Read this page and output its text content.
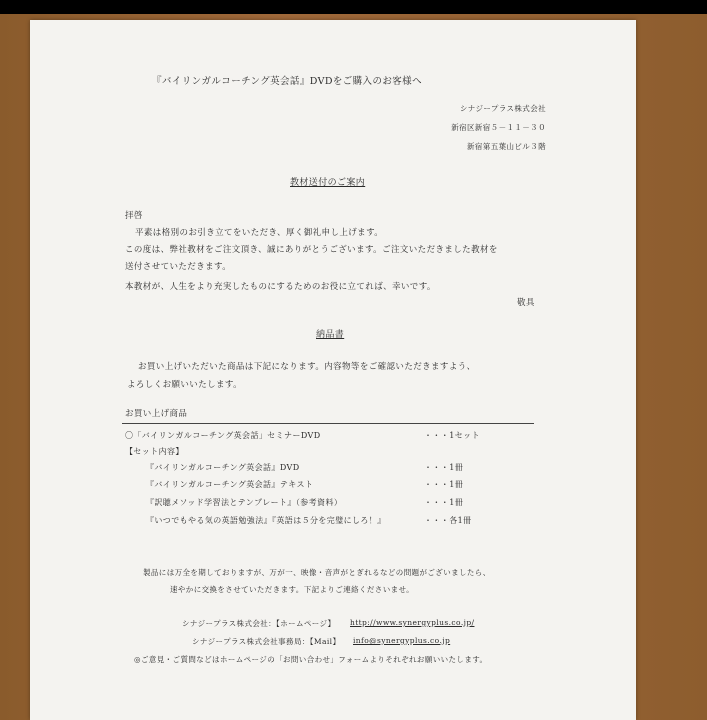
『バイリンガルコーチング英会話』DVDをご購入のお客様へ
シナジープラス株式会社
新宿区新宿５－１１－３０
新宿第五葉山ビル３階
教材送付のご案内
拝啓
平素は格別のお引き立てをいただき、厚く御礼申し上げます。
この度は、弊社教材をご注文頂き、誠にありがとうございます。ご注文いただきました教材を
送付させていただきます。
本教材が、人生をより充実したものにするためのお役に立てれば、幸いです。
敬具
納品書
お買い上げいただいた商品は下記になります。内容物等をご確認いただきますよう、
よろしくお願いいたします。
お買い上げ商品
〇「バイリンガルコーチング英会話」セミナーDVD	・・・1セット
【セット内容】
『バイリンガルコーチング英会話』DVD	・・・1冊
『バイリンガルコーチング英会話』テキスト	・・・1冊
『訳聴メソッド学習法とテンプレート』（参考資料）	・・・1冊
『いつでもやる気の英語勉強法』『英語は５分を完璧にしろ！』	・・・各1冊
製品には万全を期しておりますが、万が一、映像・音声がとぎれるなどの問題がございましたら、
速やかに交換をさせていただきます。下記よりご連絡くださいませ。
シナジープラス株式会社：【ホームページ】 http://www.synergyplus.co.jp/
シナジープラス株式会社事務局：【Mail】 info@synergyplus.co.jp
◎ご意見・ご質問などはホームページの「お問い合わせ」フォームよりそれぞれお願いいたします。
